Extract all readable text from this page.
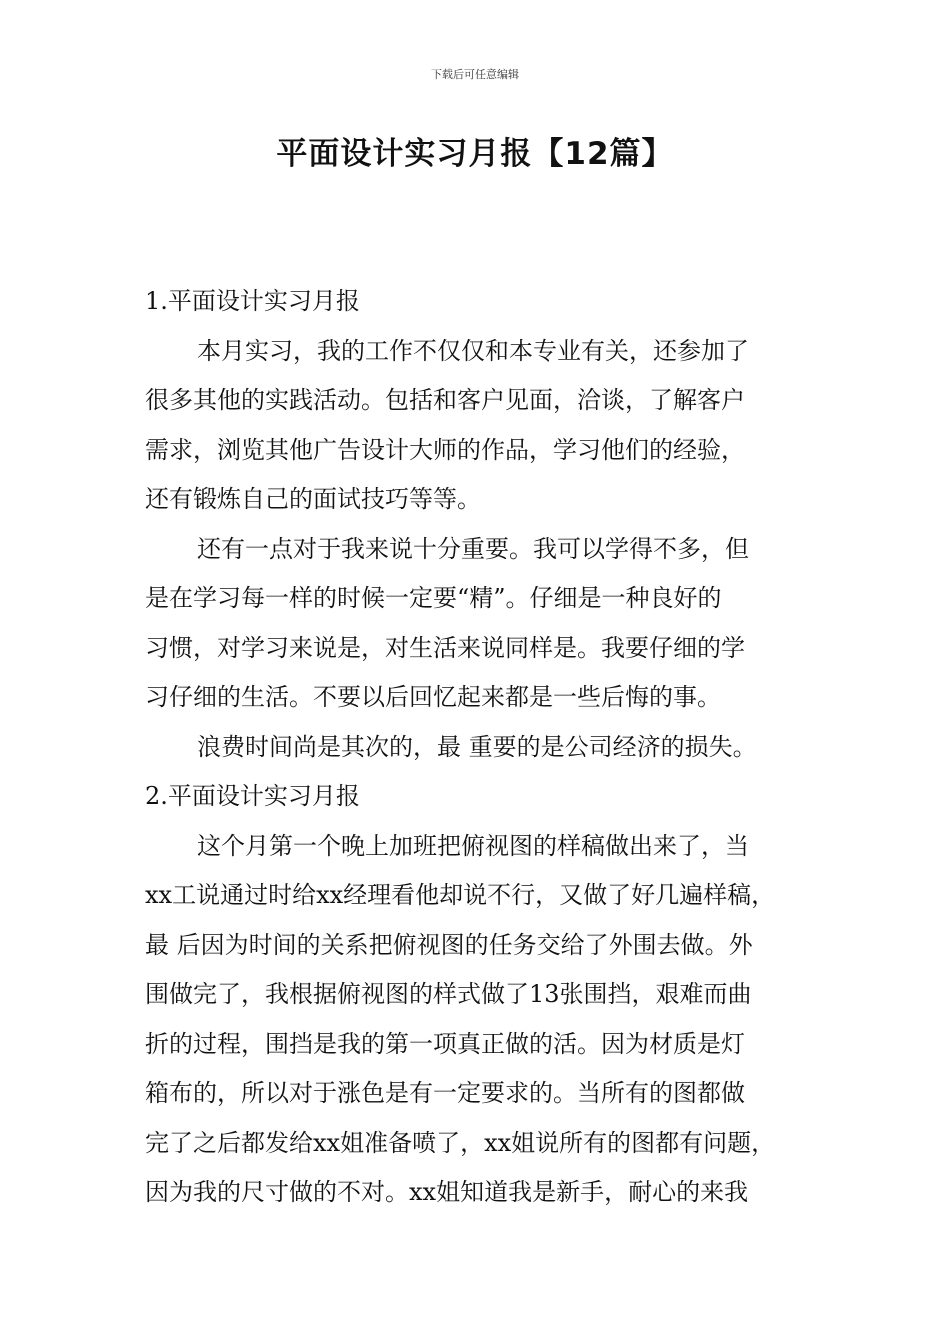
下载后可任意编辑
平面设计实习月报【12篇】
1.平面设计实习月报
本月实习，我的工作不仅仅和本专业有关，还参加了
很多其他的实践活动。包括和客户见面，洽谈，了解客户
需求，浏览其他广告设计大师的作品，学习他们的经验，
还有锻炼自己的面试技巧等等。
还有一点对于我来说十分重要。我可以学得不多，但
是在学习每一样的时候一定要“精”。仔细是一种良好的
习惯，对学习来说是，对生活来说同样是。我要仔细的学
习仔细的生活。不要以后回忆起来都是一些后悔的事。
浪费时间尚是其次的，最 重要的是公司经济的损失。
2.平面设计实习月报
这个月第一个晚上加班把俯视图的样稿做出来了，当
xx工说通过时给xx经理看他却说不行，又做了好几遍样稿，
最 后因为时间的关系把俯视图的任务交给了外围去做。外
围做完了，我根据俯视图的样式做了13张围挡，艰难而曲
折的过程，围挡是我的第一项真正做的活。因为材质是灯
箱布的，所以对于涨色是有一定要求的。当所有的图都做
完了之后都发给xx姐准备喷了，xx姐说所有的图都有问题，
因为我的尺寸做的不对。xx姐知道我是新手，耐心的来我
